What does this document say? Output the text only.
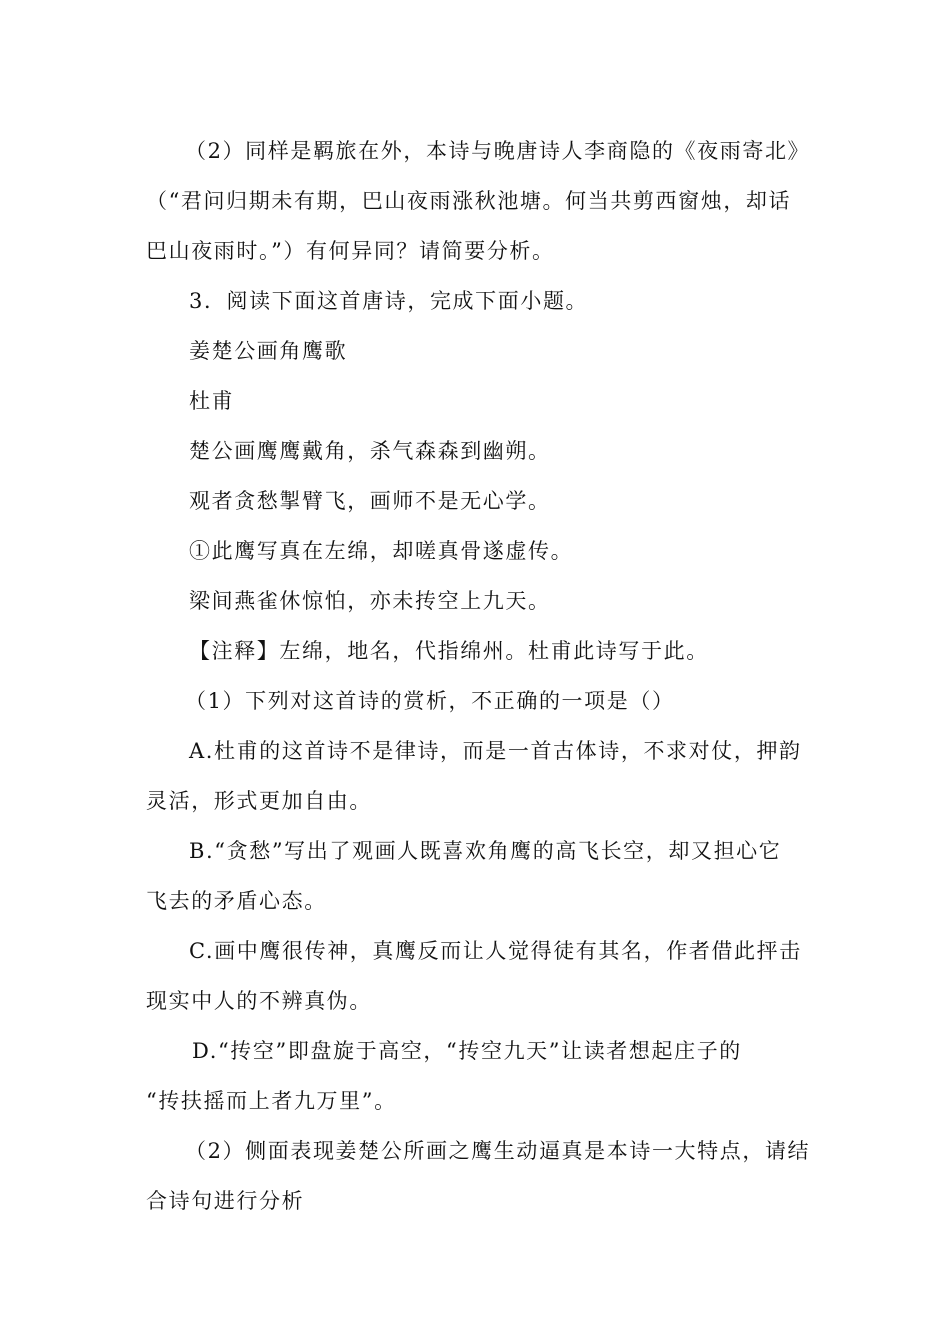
（2）同样是羁旅在外，本诗与晚唐诗人李商隐的《夜雨寄北》
（“君问归期未有期，巴山夜雨涨秋池塘。何当共剪西窗烛，却话
巴山夜雨时。”）有何异同？请简要分析。
3．阅读下面这首唐诗，完成下面小题。
姜楚公画角鹰歌
杜甫
楚公画鹰鹰戴角，杀气森森到幽朔。
观者贪愁掣臂飞，画师不是无心学。
①此鹰写真在左绵，却嗟真骨遂虚传。
梁间燕雀休惊怕，亦未抟空上九天。
【注释】左绵，地名，代指绵州。杜甫此诗写于此。
（1）下列对这首诗的赏析，不正确的一项是（）
A.杜甫的这首诗不是律诗，而是一首古体诗，不求对仗，押韵
灵活，形式更加自由。
B.“贪愁”写出了观画人既喜欢角鹰的高飞长空，却又担心它
飞去的矛盾心态。
C.画中鹰很传神，真鹰反而让人觉得徒有其名，作者借此抨击
现实中人的不辨真伪。
D.“抟空”即盘旋于高空，“抟空九天”让读者想起庄子的
“抟扶摇而上者九万里”。
（2）侧面表现姜楚公所画之鹰生动逼真是本诗一大特点，请结
合诗句进行分析
